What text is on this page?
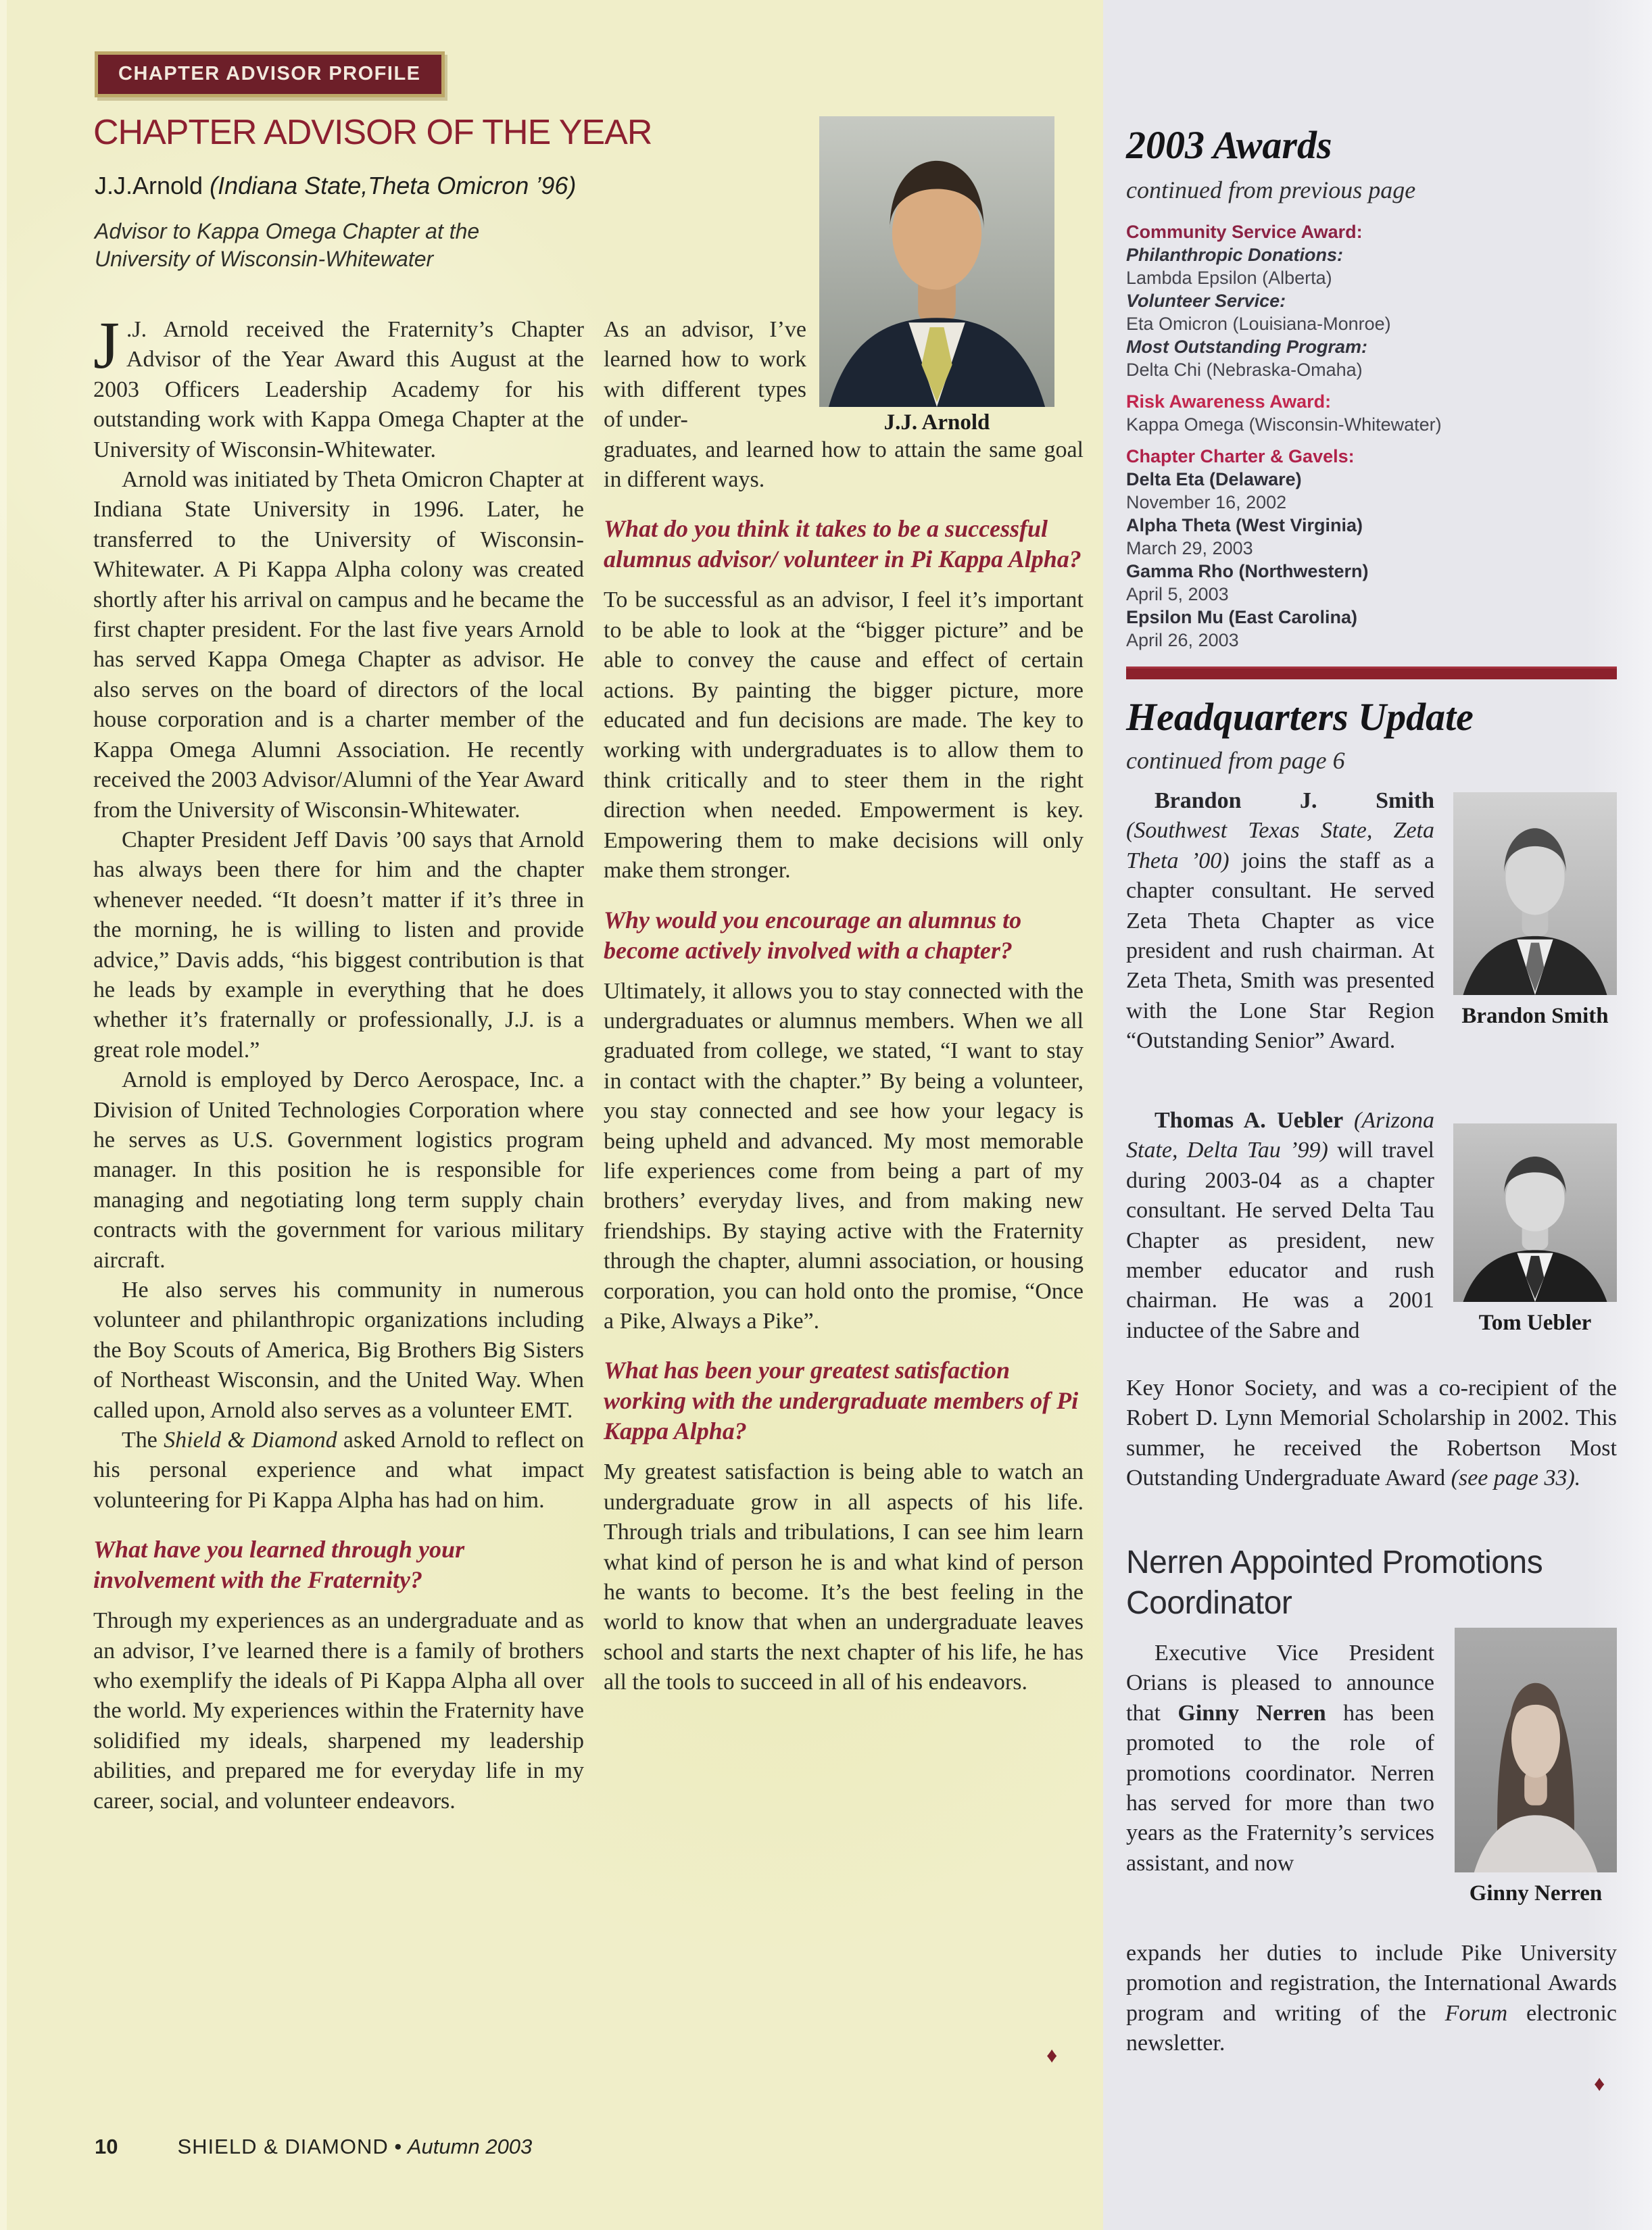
CHAPTER ADVISOR PROFILE
CHAPTER ADVISOR OF THE YEAR
J.J.Arnold (Indiana State,Theta Omicron ’96)
Advisor to Kappa Omega Chapter at the University of Wisconsin-Whitewater
J.J. Arnold

J .J. Arnold received the Fraternity’s Chapter Advisor of the Year Award this August at the 2003 Officers Leadership Academy for his outstanding work with Kappa Omega Chapter at the University of Wisconsin-Whitewater.

Arnold was initiated by Theta Omicron Chapter at Indiana State University in 1996. Later, he transferred to the University of Wisconsin-Whitewater. A Pi Kappa Alpha colony was created shortly after his arrival on campus and he became the first chapter president. For the last five years Arnold has served Kappa Omega Chapter as advisor. He also serves on the board of directors of the local house corporation and is a charter member of the Kappa Omega Alumni Association. He recently received the 2003 Advisor/Alumni of the Year Award from the University of Wisconsin-Whitewater.

Chapter President Jeff Davis ’00 says that Arnold has always been there for him and the chapter whenever needed. “It doesn’t matter if it’s three in the morning, he is willing to listen and provide advice,” Davis adds, “his biggest contribution is that he leads by example in everything that he does whether it’s fraternally or professionally, J.J. is a great role model.”

Arnold is employed by Derco Aerospace, Inc. a Division of United Technologies Corporation where he serves as U.S. Government logistics program manager. In this position he is responsible for managing and negotiating long term supply chain contracts with the government for various military aircraft.

He also serves his community in numerous volunteer and philanthropic organizations including the Boy Scouts of America, Big Brothers Big Sisters of Northeast Wisconsin, and the United Way. When called upon, Arnold also serves as a volunteer EMT.

The Shield & Diamond asked Arnold to reflect on his personal experience and what impact volunteering for Pi Kappa Alpha has had on him.

What have you learned through your involvement with the Fraternity?

Through my experiences as an undergraduate and as an advisor, I’ve learned there is a family of brothers who exemplify the ideals of Pi Kappa Alpha all over the world. My experiences within the Fraternity have solidified my ideals, sharpened my leadership abilities, and prepared me for everyday life in my career, social, and volunteer endeavors.

As an advisor, I’ve learned how to work with different types of under-

graduates, and learned how to attain the same goal in different ways.

What do you think it takes to be a successful alumnus advisor/ volunteer in Pi Kappa Alpha?

To be successful as an advisor, I feel it’s important to be able to look at the “bigger picture” and be able to convey the cause and effect of certain actions. By painting the bigger picture, more educated and fun decisions are made. The key to working with undergraduates is to allow them to think critically and to steer them in the right direction when needed. Empowerment is key. Empowering them to make decisions will only make them stronger.

Why would you encourage an alumnus to become actively involved with a chapter?

Ultimately, it allows you to stay connected with the undergraduates or alumnus members. When we all graduated from college, we stated, “I want to stay in contact with the chapter.” By being a volunteer, you stay connected and see how your legacy is being upheld and advanced. My most memorable life experiences come from being a part of my brothers’ everyday lives, and from making new friendships. By staying active with the Fraternity through the chapter, alumni association, or housing corporation, you can hold onto the promise, “Once a Pike, Always a Pike”.

What has been your greatest satisfaction working with the undergraduate members of Pi Kappa Alpha?

My greatest satisfaction is being able to watch an undergraduate grow in all aspects of his life. Through trials and tribulations, I can see him learn what kind of person he is and what kind of person he wants to become. It’s the best feeling in the world to know that when an undergraduate leaves school and starts the next chapter of his life, he has all the tools to succeed in all of his endeavors.

♦
2003 Awards
continued from previous page
Community Service Award:
Philanthropic Donations:
Lambda Epsilon (Alberta)
Volunteer Service:
Eta Omicron (Louisiana-Monroe)
Most Outstanding Program:
Delta Chi (Nebraska-Omaha)
Risk Awareness Award:
Kappa Omega (Wisconsin-Whitewater)
Chapter Charter & Gavels:
Delta Eta (Delaware)
November 16, 2002
Alpha Theta (West Virginia)
March 29, 2003
Gamma Rho (Northwestern)
April 5, 2003
Epsilon Mu (East Carolina)
April 26, 2003
Headquarters Update
continued from page 6

Brandon J. Smith (Southwest Texas State, Zeta Theta ’00) joins the staff as a chapter consultant. He served Zeta Theta Chapter as vice president and rush chairman. At Zeta Theta, Smith was presented with the Lone Star Region “Outstanding Senior” Award.

Brandon Smith

Thomas A. Uebler (Arizona State, Delta Tau ’99) will travel during 2003-04 as a chapter consultant. He served Delta Tau Chapter as president, new member educator and rush chairman. He was a 2001 inductee of the Sabre and	Tom Uebler

Key Honor Society, and was a co-recipient of the Robert D. Lynn Memorial Scholarship in 2002. This summer, he received the Robertson Most Outstanding Undergraduate Award (see page 33).

Nerren Appointed Promotions Coordinator

Executive Vice President Orians is pleased to announce that Ginny Nerren has been promoted to the role of promotions coordinator. Nerren has served for more than two years as the Fraternity’s services assistant, and now

Ginny Nerren

expands her duties to include Pike University promotion and registration, the International Awards program and writing of the Forum electronic newsletter.

♦
10	SHIELD & DIAMOND • Autumn 2003
